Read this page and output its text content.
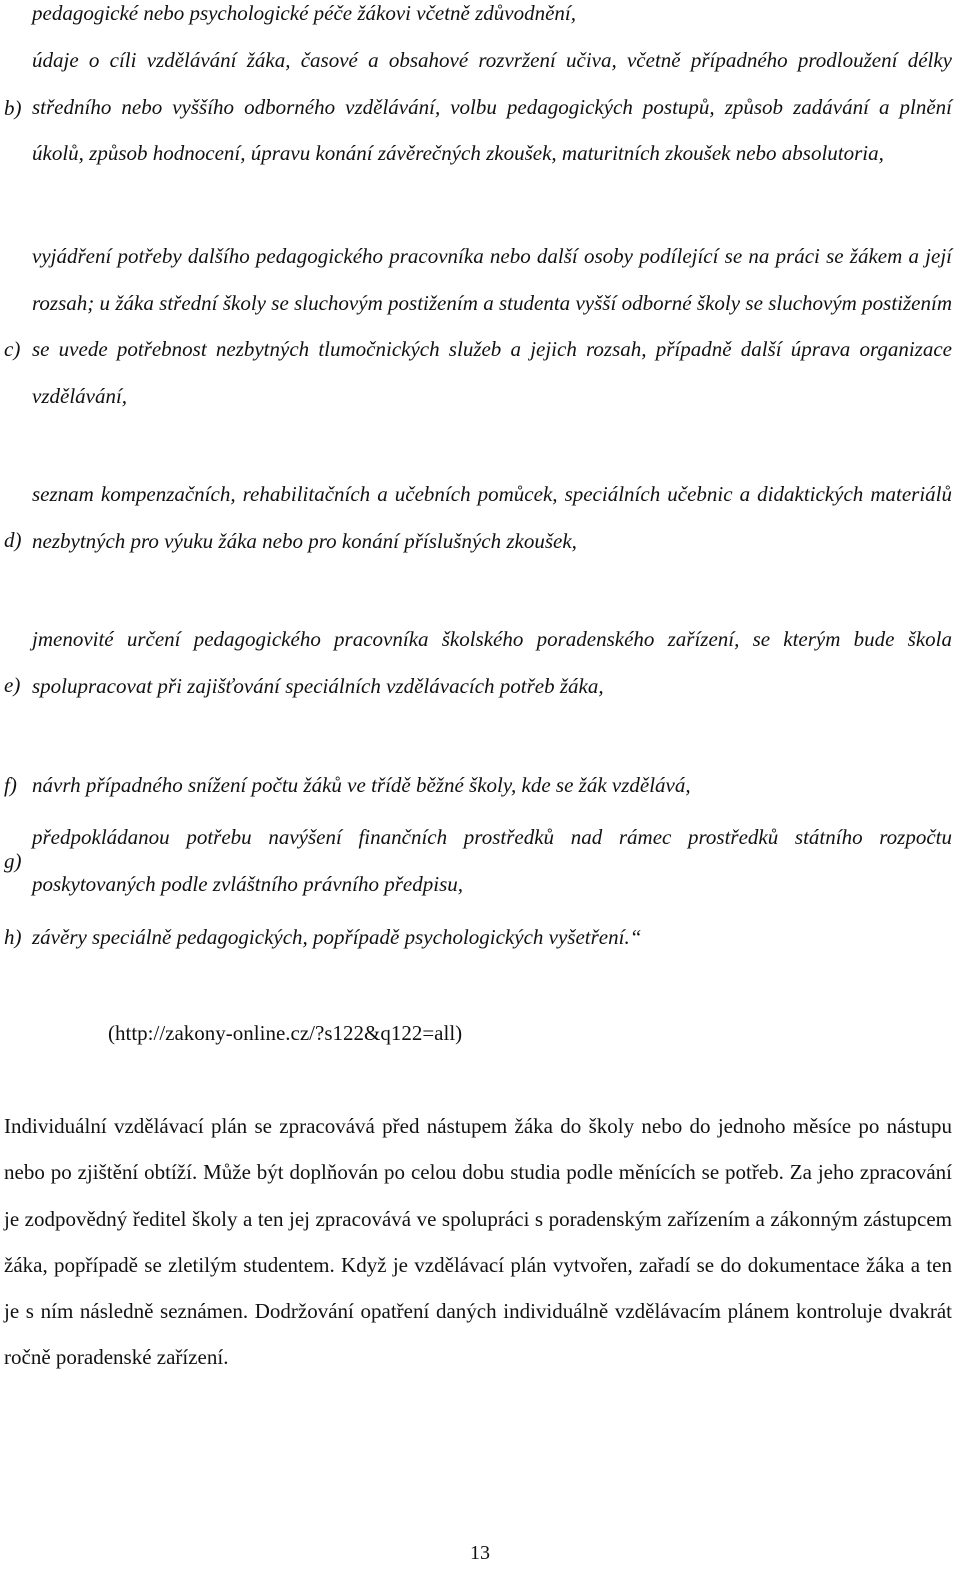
pedagogické nebo psychologické péče žákovi včetně zdůvodnění,
b)
údaje o cíli vzdělávání žáka, časové a obsahové rozvržení učiva, včetně případného prodloužení délky středního nebo vyššího odborného vzdělávání, volbu pedagogických postupů, způsob zadávání a plnění úkolů, způsob hodnocení, úpravu konání závěrečných zkoušek, maturitních zkoušek nebo absolutoria,
c)
vyjádření potřeby dalšího pedagogického pracovníka nebo další osoby podílející se na práci se žákem a její rozsah; u žáka střední školy se sluchovým postižením a studenta vyšší odborné školy se sluchovým postižením se uvede potřebnost nezbytných tlumočnických služeb a jejich rozsah, případně další úprava organizace vzdělávání,
d)
seznam kompenzačních, rehabilitačních a učebních pomůcek, speciálních učebnic a didaktických materiálů nezbytných pro výuku žáka nebo pro konání příslušných zkoušek,
e)
jmenovité určení pedagogického pracovníka školského poradenského zařízení, se kterým bude škola spolupracovat při zajišťování speciálních vzdělávacích potřeb žáka,
f) návrh případného snížení počtu žáků ve třídě běžné školy, kde se žák vzdělává,
g)
předpokládanou potřebu navýšení finančních prostředků nad rámec prostředků státního rozpočtu poskytovaných podle zvláštního právního předpisu,
h) závěry speciálně pedagogických, popřípadě psychologických vyšetření.“
(http://zakony-online.cz/?s122&q122=all)
Individuální vzdělávací plán se zpracovává před nástupem žáka do školy nebo do jednoho měsíce po nástupu nebo po zjištění obtíží. Může být doplňován po celou dobu studia podle měnících se potřeb. Za jeho zpracování je zodpovědný ředitel školy a ten jej zpracovává ve spolupráci s poradenským zařízením a zákonným zástupcem žáka, popřípadě se zletilým studentem. Když je vzdělávací plán vytvořen, zařadí se do dokumentace žáka a ten je s ním následně seznámen. Dodržování opatření daných individuálně vzdělávacím plánem kontroluje dvakrát ročně poradenské zařízení.
13
